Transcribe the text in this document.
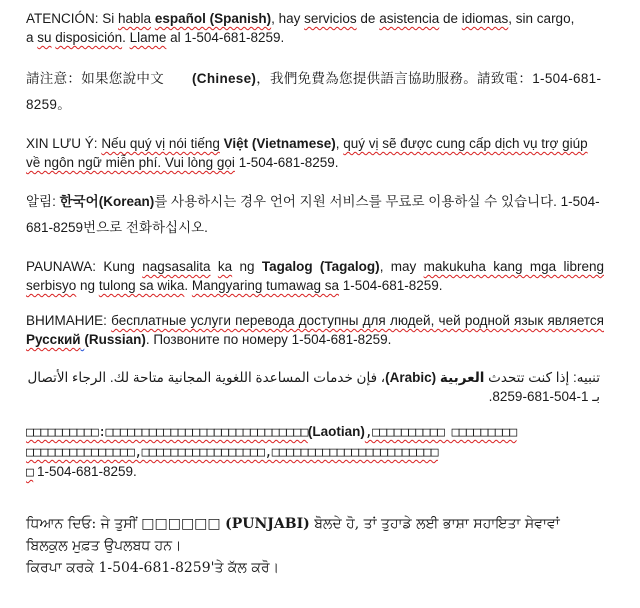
ATENCIÓN: Si habla español (Spanish), hay servicios de asistencia de idiomas, sin cargo,
a su disposición. Llame al 1-504-681-8259.
請注意：如果您說中文 (Chinese)，我們免費為您提供語言協助服務。請致電：1-504-681-8259。
XIN LƯU Ý: Nếu quý vị nói tiếng Việt (Vietnamese), quý vị sẽ được cung cấp dịch vụ trợ giúp về ngôn ngữ miễn phí. Vui lòng gọi 1-504-681-8259.
알림: 한국어(Korean)를 사용하시는 경우 언어 지원 서비스를 무료로 이용하실 수 있습니다. 1-504-681-8259번으로 전화하십시오.
PAUNAWA: Kung nagsasalita ka ng Tagalog (Tagalog), may makukuha kang mga libreng serbisyo ng tulong sa wika. Mangyaring tumawag sa 1-504-681-8259.
ВНИМАНИЕ: бесплатные услуги перевода доступны для людей, чей родной язык является Русский (Russian). Позвоните по номеру 1-504-681-8259.
تنبيه: إذا كنت تتحدث العربية (Arabic)، فإن خدمات المساعدة اللغوية المجانية متاحة لك. الرجاء الأتصال بـ 1-504-681-8259.
□□□□□□□□□□:□□□□□□□□□□□□□□□□□□□□□□□□□□□□(Laotian),□□□□□□□□□□ □□□□□□□□□
□□□□□□□□□□□□□□□,□□□□□□□□□□□□□□□□□,□□□□□□□□□□□□□□□□□□□□□□□
□ 1-504-681-8259.
ਧਿਆਨ ਦਿਓ: ਜੇ ਤੁਸੀਂ □□□□□□ (PUNJABI) ਬੋਲਦੇ ਹੋ, ਤਾਂ ਤੁਹਾਡੇ ਲਈ ਭਾਸ਼ਾ ਸਹਾਇਤਾ ਸੇਵਾਵਾਂ ਬਿਲਕੁਲ ਮੁਫ਼ਤ ਉਪਲਬਧ ਹਨ।
ਕਿਰਪਾ ਕਰਕੇ 1-504-681-8259'ਤੇ ਕੱਲ ਕਰੋ।
